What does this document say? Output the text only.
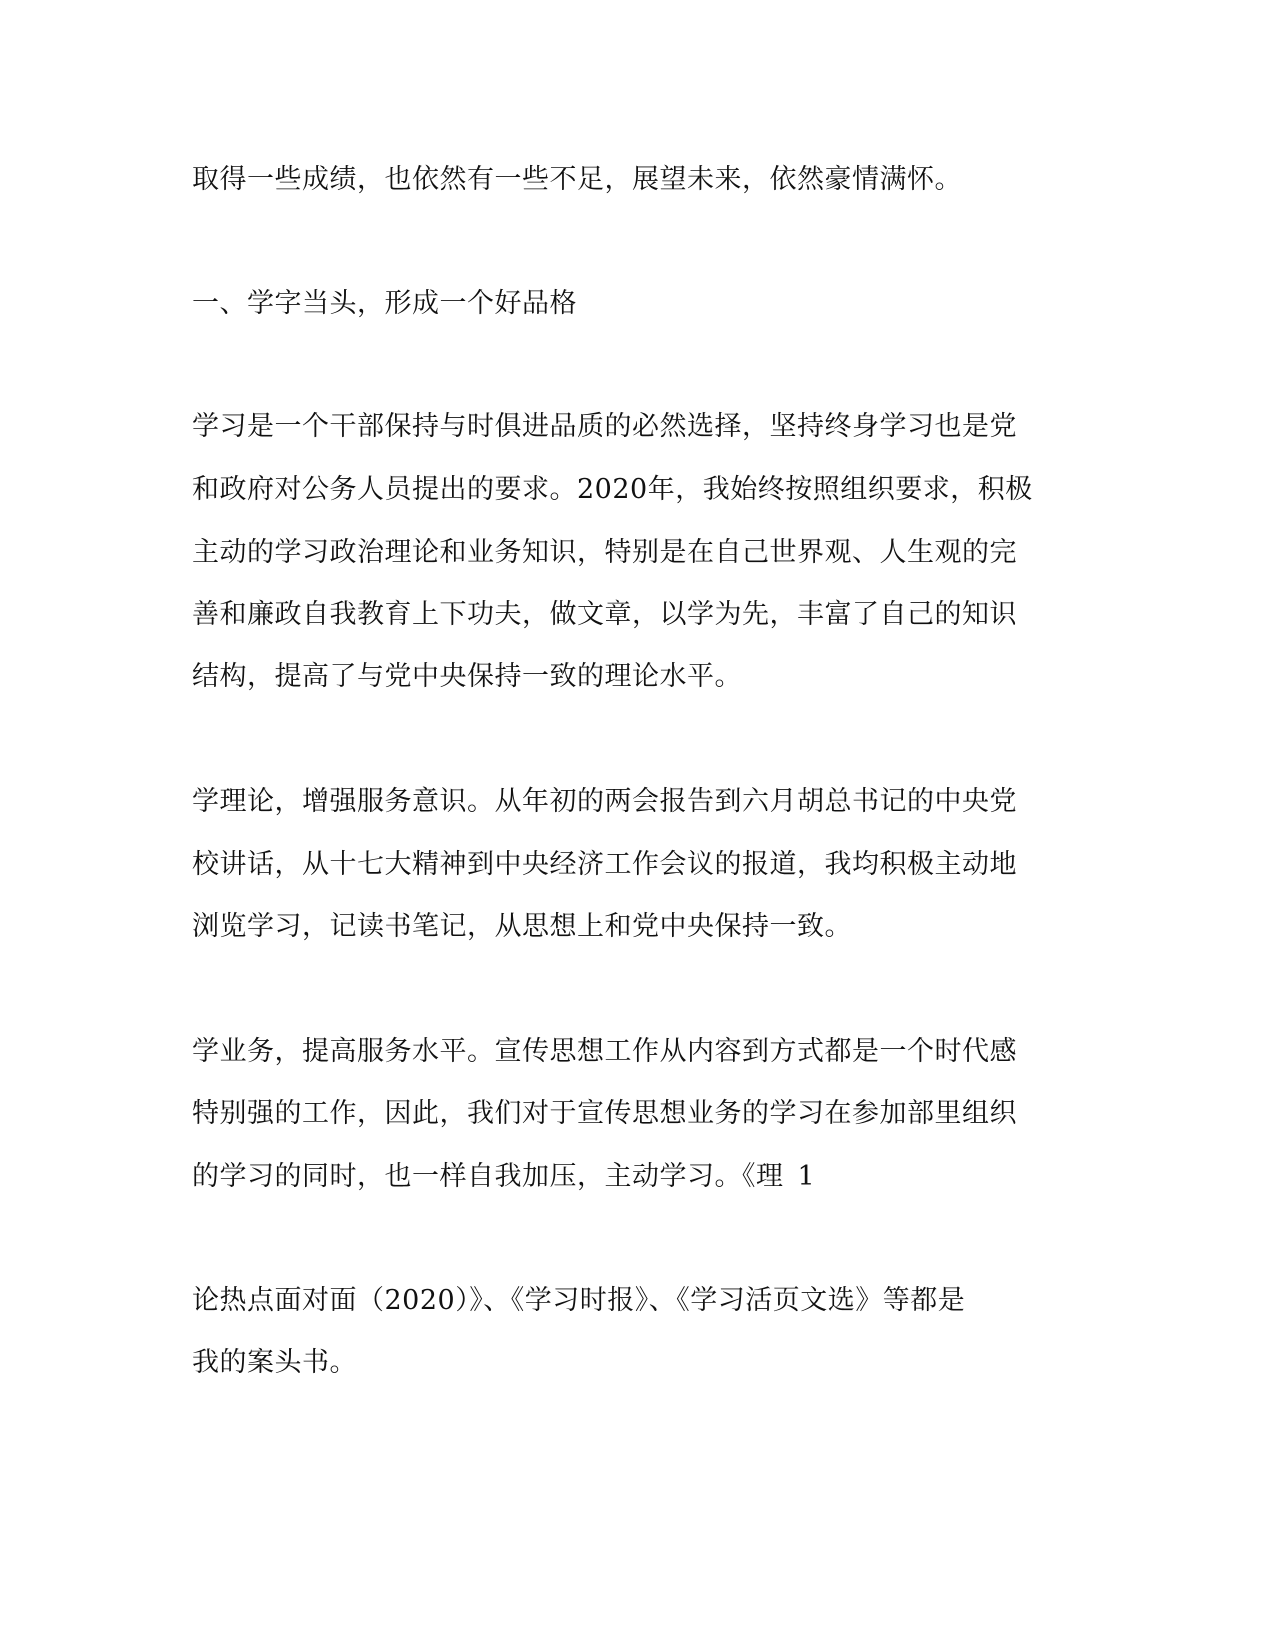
取得一些成绩，也依然有一些不足，展望未来，依然豪情满怀。
一、学字当头，形成一个好品格
学习是一个干部保持与时俱进品质的必然选择，坚持终身学习也是党
和政府对公务人员提出的要求。2020年，我始终按照组织要求，积极
主动的学习政治理论和业务知识，特别是在自己世界观、人生观的完
善和廉政自我教育上下功夫，做文章，以学为先，丰富了自己的知识
结构，提高了与党中央保持一致的理论水平。
学理论，增强服务意识。从年初的两会报告到六月胡总书记的中央党
校讲话，从十七大精神到中央经济工作会议的报道，我均积极主动地
浏览学习，记读书笔记，从思想上和党中央保持一致。
学业务，提高服务水平。宣传思想工作从内容到方式都是一个时代感
特别强的工作，因此，我们对于宣传思想业务的学习在参加部里组织
的学习的同时，也一样自我加压，主动学习。《理 1
论热点面对面（2020）》、《学习时报》、《学习活页文选》等都是
我的案头书。
